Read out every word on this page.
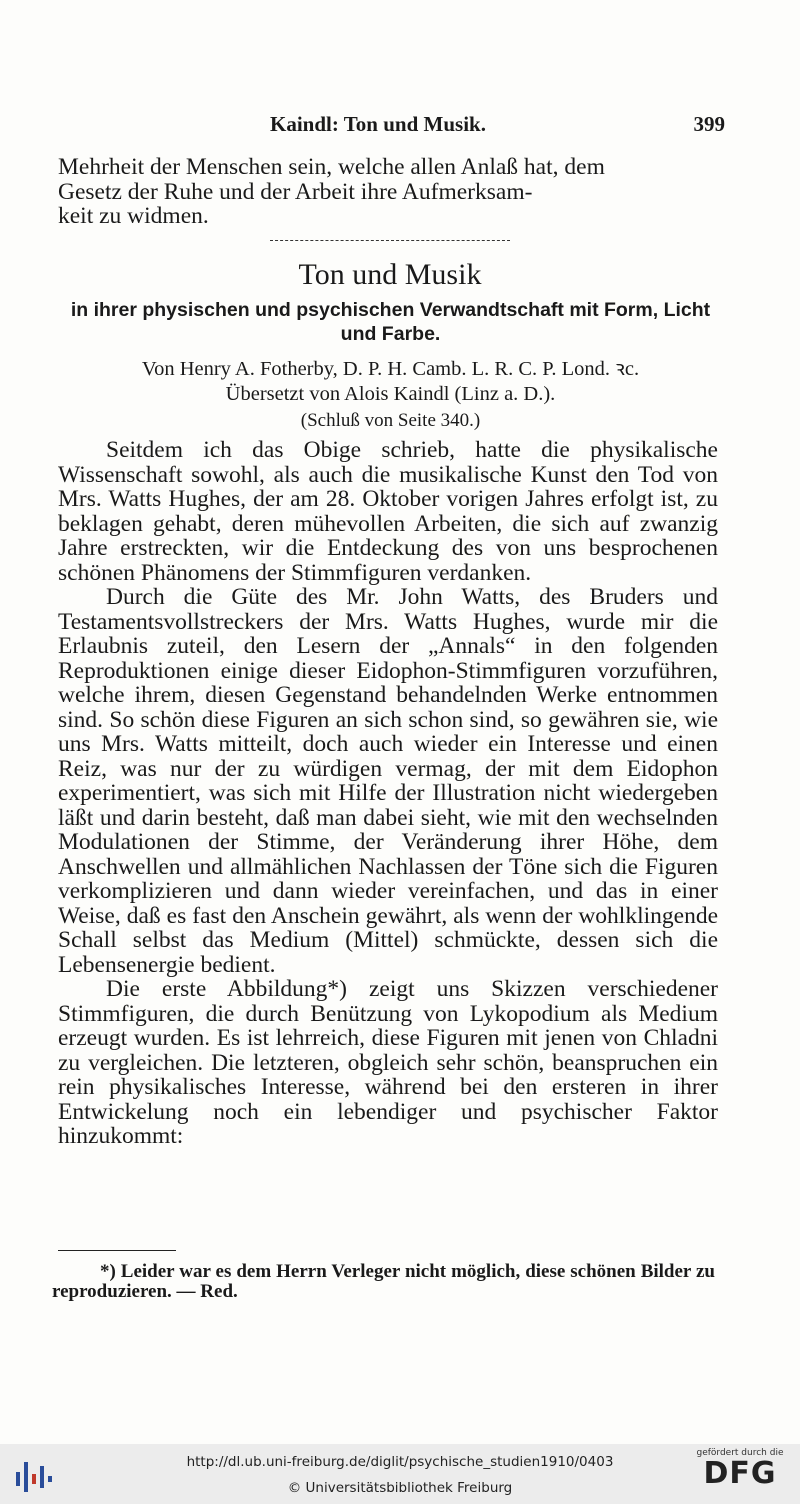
Kaindl: Ton und Musik.	399

Mehrheit der Menschen sein, welche allen Anlaß hat, dem

Gesetz der Ruhe und der Arbeit ihre Aufmerksam-

keit zu widmen.

Ton und Musik
in ihrer physischen und psychischen Verwandtschaft mit Form, Licht und Farbe.
Von Henry A. Fotherby, D. P. H. Camb. L. R. C. P. Lond. ꝛc.
Übersetzt von Alois Kaindl (Linz a. D.).
(Schluß von Seite 340.)

Seitdem ich das Obige schrieb, hatte die physikalische Wissenschaft sowohl, als auch die musikalische Kunst den Tod von Mrs. Watts Hughes, der am 28. Oktober vorigen Jahres erfolgt ist, zu beklagen gehabt, deren mühevollen Arbeiten, die sich auf zwanzig Jahre erstreckten, wir die Entdeckung des von uns besprochenen schönen Phänomens der Stimmfiguren verdanken.

Durch die Güte des Mr. John Watts, des Bruders und Testamentsvollstreckers der Mrs. Watts Hughes, wurde mir die Erlaubnis zuteil, den Lesern der „Annals“ in den folgenden Reproduktionen einige dieser Eidophon-Stimmfiguren vorzuführen, welche ihrem, diesen Gegenstand behandelnden Werke entnommen sind. So schön diese Figuren an sich schon sind, so gewähren sie, wie uns Mrs. Watts mitteilt, doch auch wieder ein Interesse und einen Reiz, was nur der zu würdigen vermag, der mit dem Eidophon experimentiert, was sich mit Hilfe der Illustration nicht wiedergeben läßt und darin besteht, daß man dabei sieht, wie mit den wechselnden Modulationen der Stimme, der Veränderung ihrer Höhe, dem Anschwellen und allmählichen Nachlassen der Töne sich die Figuren verkomplizieren und dann wieder vereinfachen, und das in einer Weise, daß es fast den Anschein gewährt, als wenn der wohlklingende Schall selbst das Medium (Mittel) schmückte, dessen sich die Lebensenergie bedient.

Die erste Abbildung*) zeigt uns Skizzen verschiedener Stimmfiguren, die durch Benützung von Lykopodium als Medium erzeugt wurden. Es ist lehrreich, diese Figuren mit jenen von Chladni zu vergleichen. Die letzteren, obgleich sehr schön, beanspruchen ein rein physikalisches Interesse, während bei den ersteren in ihrer Entwickelung noch ein lebendiger und psychischer Faktor hinzukommt:

*) Leider war es dem Herrn Verleger nicht möglich, diese schönen Bilder zu reproduzieren. — Red.
http://dl.ub.uni-freiburg.de/diglit/psychische_studien1910/0403
© Universitätsbibliothek Freiburg
gefördert durch die
DFG
